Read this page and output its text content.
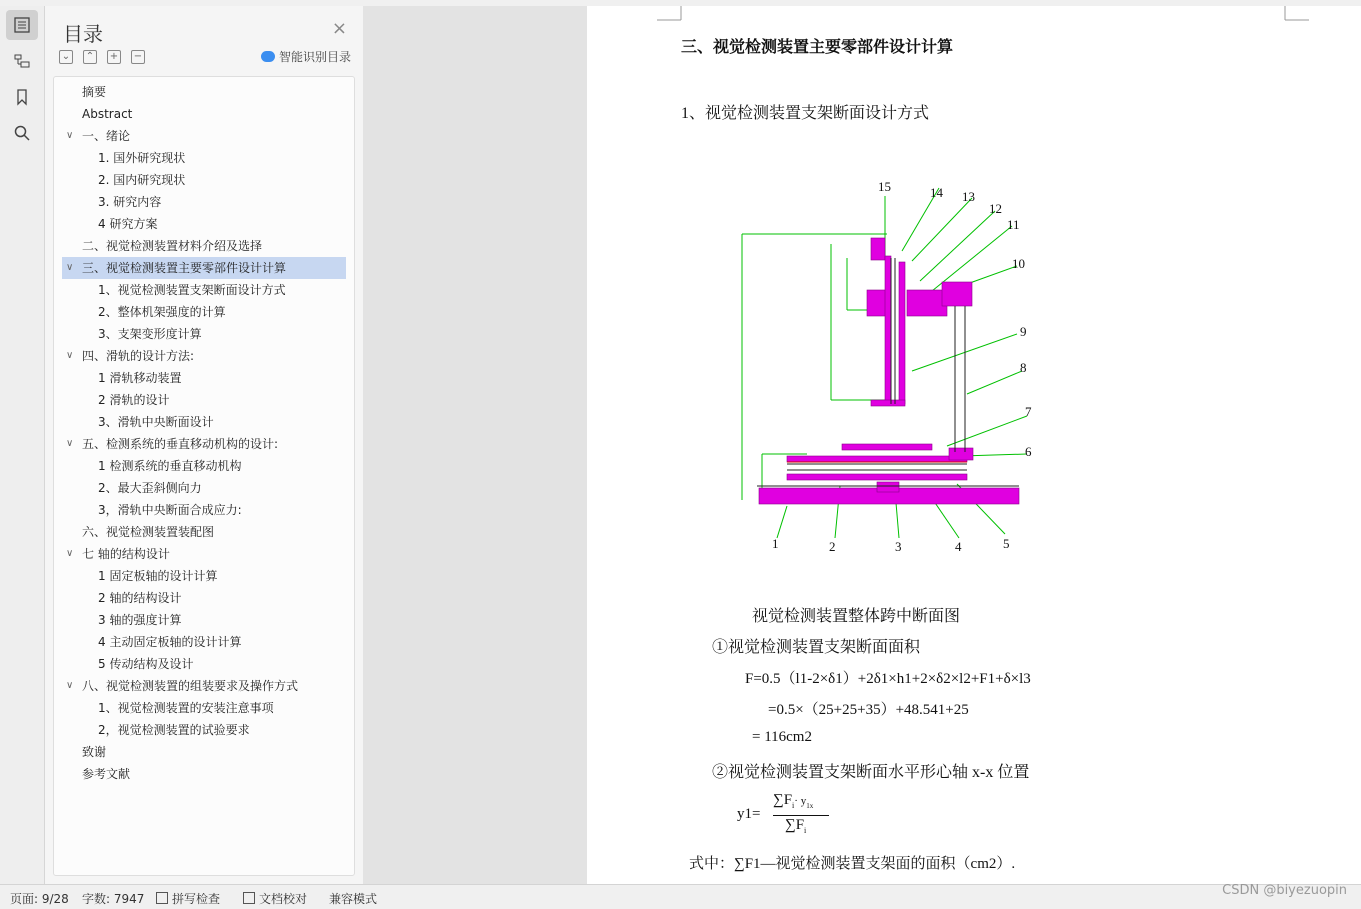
目录	×
⌄ ⌃ + −	智能识别目录
摘要
Abstract
∨ 一、绪论
1. 国外研究现状
2. 国内研究现状
3. 研究内容
4 研究方案
二、视觉检测装置材料介绍及选择
∨ 三、视觉检测装置主要零部件设计计算
1、视觉检测装置支架断面设计方式
2、整体机架强度的计算
3、支架变形度计算
∨ 四、滑轨的设计方法:
1 滑轨移动装置
2 滑轨的设计
3、滑轨中央断面设计
∨ 五、检测系统的垂直移动机构的设计:
1 检测系统的垂直移动机构
2、最大歪斜侧向力
3，滑轨中央断面合成应力:
六、视觉检测装置装配图
∨ 七 轴的结构设计
1 固定板轴的设计计算
2 轴的结构设计
3 轴的强度计算
4 主动固定板轴的设计计算
5 传动结构及设计
∨ 八、视觉检测装置的组装要求及操作方式
1、视觉检测装置的安装注意事项
2，视觉检测装置的试验要求
致谢
参考文献
三、视觉检测装置主要零部件设计计算
1、视觉检测装置支架断面设计方式
15	14 13
12
11
10
9
8
7
6
1	2	3	4	5
视觉检测装置整体跨中断面图
①视觉检测装置支架断面面积
F=0.5（l1-2×δ1）+2δ1×h1+2×δ2×l2+F1+δ×l3
=0.5×（25+25+35）+48.541+25
= 116cm2
②视觉检测装置支架断面水平形心轴 x-x 位置
y1=
$\sum F_i\cdot y_{1x}$
$\sum F_i$
式中：∑F1—视觉检测装置支架面的面积（cm2）.
页面: 9/28 字数: 7947	拼写检查	文档校对 兼容模式
CSDN @biyezuopin
